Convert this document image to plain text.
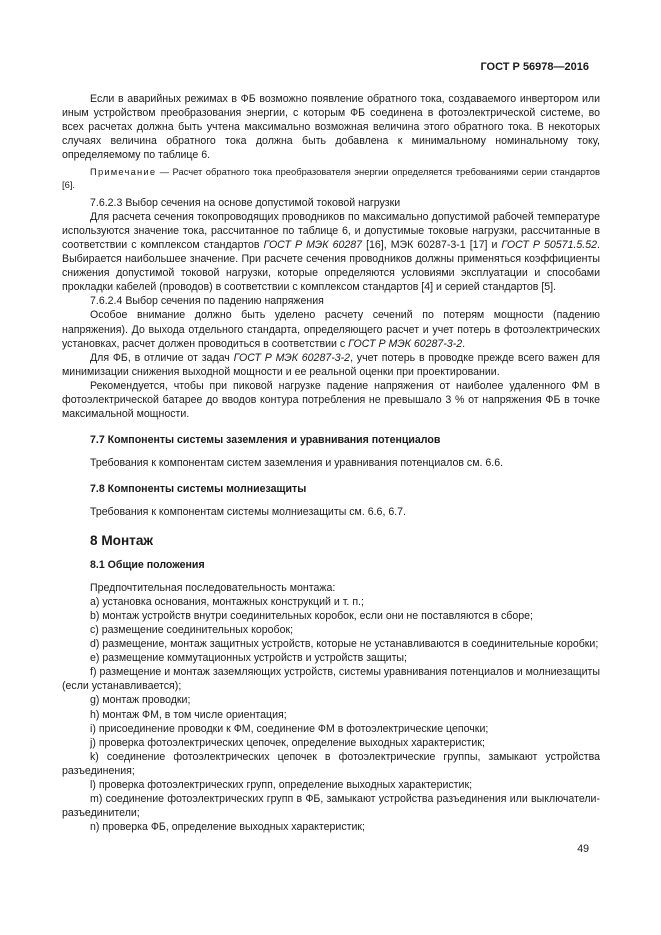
ГОСТ Р 56978—2016

Если в аварийных режимах в ФБ возможно появление обратного тока, создаваемого инвертором или иным устройством преобразования энергии, с которым ФБ соединена в фотоэлектрической системе, во всех расчетах должна быть учтена максимально возможная величина этого обратного тока. В некоторых случаях величина обратного тока должна быть добавлена к минимальному номинальному току, определяемому по таблице 6.

Примечание — Расчет обратного тока преобразователя энергии определяется требованиями серии стандартов [6].

7.6.2.3 Выбор сечения на основе допустимой токовой нагрузки

Для расчета сечения токопроводящих проводников по максимально допустимой рабочей температуре используются значение тока, рассчитанное по таблице 6, и допустимые токовые нагрузки, рассчитанные в соответствии с комплексом стандартов ГОСТ Р МЭК 60287 [16], МЭК 60287-3-1 [17] и ГОСТ Р 50571.5.52. Выбирается наибольшее значение. При расчете сечения проводников должны применяться коэффициенты снижения допустимой токовой нагрузки, которые определяются условиями эксплуатации и способами прокладки кабелей (проводов) в соответствии с комплексом стандартов [4] и серией стандартов [5].

7.6.2.4 Выбор сечения по падению напряжения

Особое внимание должно быть уделено расчету сечений по потерям мощности (падению напряжения). До выхода отдельного стандарта, определяющего расчет и учет потерь в фотоэлектрических установках, расчет должен проводиться в соответствии с ГОСТ Р МЭК 60287-3-2.

Для ФБ, в отличие от задач ГОСТ Р МЭК 60287-3-2, учет потерь в проводке прежде всего важен для минимизации снижения выходной мощности и ее реальной оценки при проектировании.

Рекомендуется, чтобы при пиковой нагрузке падение напряжения от наиболее удаленного ФМ в фотоэлектрической батарее до вводов контура потребления не превышало 3 % от напряжения ФБ в точке максимальной мощности.

7.7 Компоненты системы заземления и уравнивания потенциалов

Требования к компонентам систем заземления и уравнивания потенциалов см. 6.6.

7.8 Компоненты системы молниезащиты

Требования к компонентам системы молниезащиты см. 6.6, 6.7.

8 Монтаж

8.1 Общие положения

Предпочтительная последовательность монтажа:

a) установка основания, монтажных конструкций и т. п.;

b) монтаж устройств внутри соединительных коробок, если они не поставляются в сборе;

c) размещение соединительных коробок;

d) размещение, монтаж защитных устройств, которые не устанавливаются в соединительные коробки;

e) размещение коммутационных устройств и устройств защиты;

f) размещение и монтаж заземляющих устройств, системы уравнивания потенциалов и молниезащиты (если устанавливается);

g) монтаж проводки;

h) монтаж ФМ, в том числе ориентация;

i) присоединение проводки к ФМ, соединение ФМ в фотоэлектрические цепочки;

j) проверка фотоэлектрических цепочек, определение выходных характеристик;

k) соединение фотоэлектрических цепочек в фотоэлектрические группы, замыкают устройства разъединения;

l) проверка фотоэлектрических групп, определение выходных характеристик;

m) соединение фотоэлектрических групп в ФБ, замыкают устройства разъединения или выключатели-разъединители;

n) проверка ФБ, определение выходных характеристик;

49
